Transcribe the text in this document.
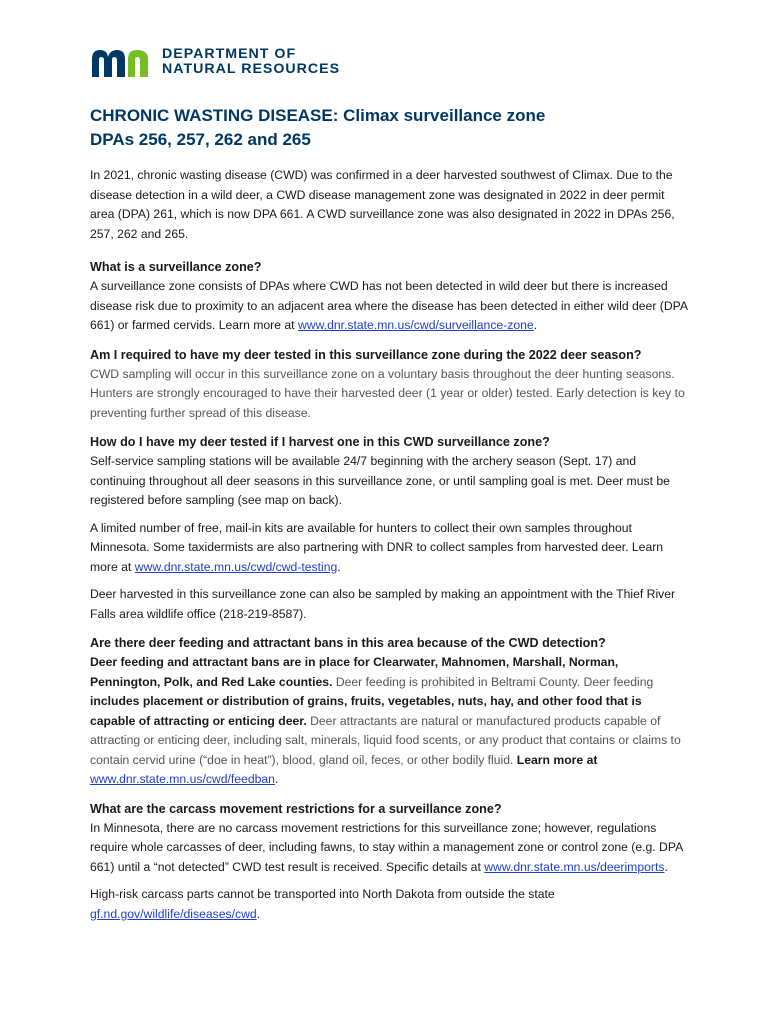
DEPARTMENT OF
NATURAL RESOURCES
CHRONIC WASTING DISEASE: Climax surveillance zone
DPAs 256, 257, 262 and 265

In 2021, chronic wasting disease (CWD) was confirmed in a deer harvested southwest of Climax. Due to the disease detection in a wild deer, a CWD disease management zone was designated in 2022 in deer permit area (DPA) 261, which is now DPA 661. A CWD surveillance zone was also designated in 2022 in DPAs 256, 257, 262 and 265.

What is a surveillance zone?

A surveillance zone consists of DPAs where CWD has not been detected in wild deer but there is increased disease risk due to proximity to an adjacent area where the disease has been detected in either wild deer (DPA 661) or farmed cervids. Learn more at www.dnr.state.mn.us/cwd/surveillance-zone.

Am I required to have my deer tested in this surveillance zone during the 2022 deer season?

CWD sampling will occur in this surveillance zone on a voluntary basis throughout the deer hunting seasons. Hunters are strongly encouraged to have their harvested deer (1 year or older) tested. Early detection is key to preventing further spread of this disease.

How do I have my deer tested if I harvest one in this CWD surveillance zone?

Self-service sampling stations will be available 24/7 beginning with the archery season (Sept. 17) and continuing throughout all deer seasons in this surveillance zone, or until sampling goal is met. Deer must be registered before sampling (see map on back).

A limited number of free, mail-in kits are available for hunters to collect their own samples throughout Minnesota. Some taxidermists are also partnering with DNR to collect samples from harvested deer. Learn more at www.dnr.state.mn.us/cwd/cwd-testing.

Deer harvested in this surveillance zone can also be sampled by making an appointment with the Thief River Falls area wildlife office (218-219-8587).

Are there deer feeding and attractant bans in this area because of the CWD detection?

Deer feeding and attractant bans are in place for Clearwater, Mahnomen, Marshall, Norman, Pennington, Polk, and Red Lake counties. Deer feeding is prohibited in Beltrami County. Deer feeding includes placement or distribution of grains, fruits, vegetables, nuts, hay, and other food that is capable of attracting or enticing deer. Deer attractants are natural or manufactured products capable of attracting or enticing deer, including salt, minerals, liquid food scents, or any product that contains or claims to contain cervid urine (“doe in heat”), blood, gland oil, feces, or other bodily fluid. Learn more at www.dnr.state.mn.us/cwd/feedban.

What are the carcass movement restrictions for a surveillance zone?

In Minnesota, there are no carcass movement restrictions for this surveillance zone; however, regulations require whole carcasses of deer, including fawns, to stay within a management zone or control zone (e.g. DPA 661) until a “not detected” CWD test result is received. Specific details at www.dnr.state.mn.us/deerimports.

High-risk carcass parts cannot be transported into North Dakota from outside the state gf.nd.gov/wildlife/diseases/cwd.
